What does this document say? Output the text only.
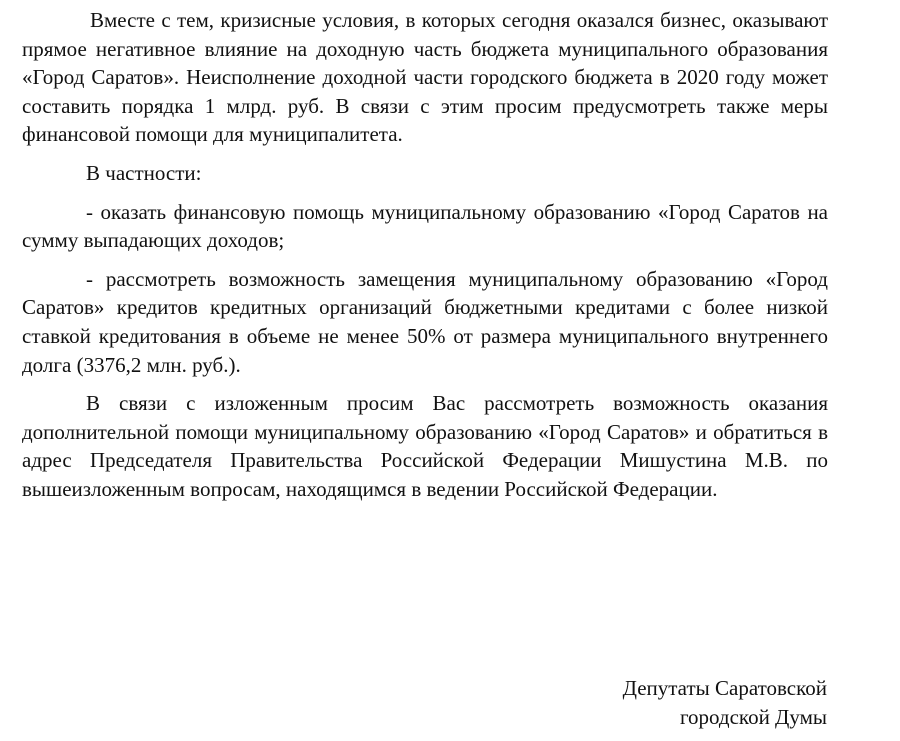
Вместе с тем, кризисные условия, в которых сегодня оказался бизнес, оказывают прямое негативное влияние на доходную часть бюджета муниципального образования «Город Саратов». Неисполнение доходной части городского бюджета в 2020 году может составить порядка 1 млрд. руб. В связи с этим просим предусмотреть также меры финансовой помощи для муниципалитета.

В частности:

- оказать финансовую помощь муниципальному образованию «Город Саратов на сумму выпадающих доходов;

- рассмотреть возможность замещения муниципальному образованию «Город Саратов» кредитов кредитных организаций бюджетными кредитами с более низкой ставкой кредитования в объеме не менее 50% от размера муниципального внутреннего долга (3376,2 млн. руб.).

В связи с изложенным просим Вас рассмотреть возможность оказания дополнительной помощи муниципальному образованию «Город Саратов» и обратиться в адрес Председателя Правительства Российской Федерации Мишустина М.В. по вышеизложенным вопросам, находящимся в ведении Российской Федерации.

Депутаты Саратовской
городской Думы
